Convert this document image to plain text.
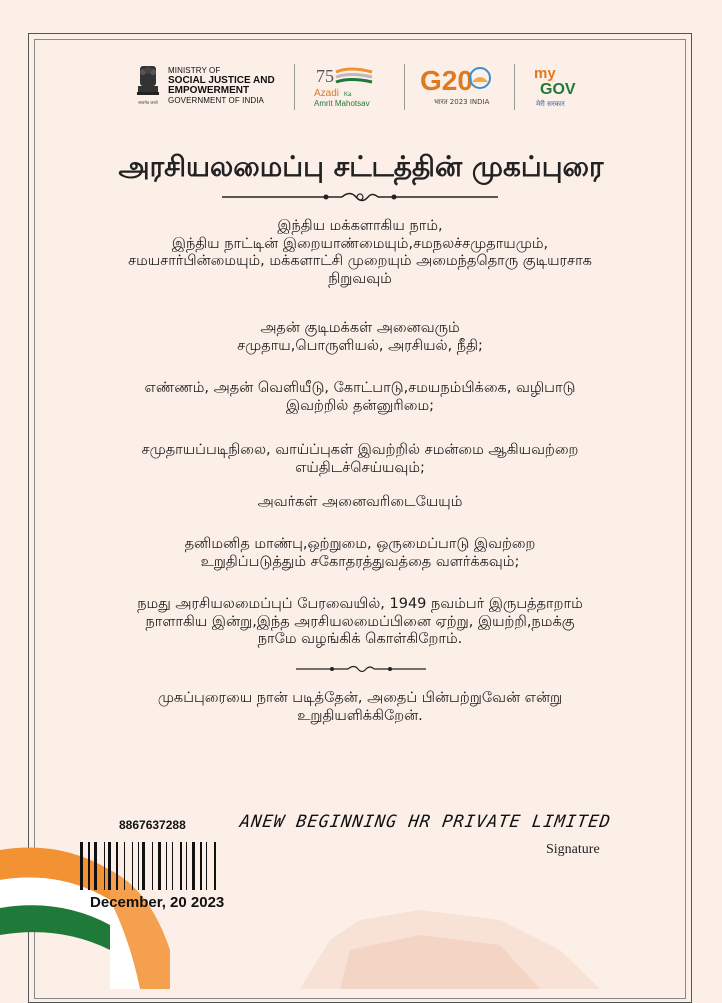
सत्यमेव जयते
MINISTRY OF
SOCIAL JUSTICE AND
EMPOWERMENT
GOVERNMENT OF INDIA
75
Azadi Ka
Amrit Mahotsav
G20
भारत 2023 INDIA
my
GOV
मेरी सरकार
அரசியலமைப்பு சட்டத்தின் முகப்புரை
இந்திய மக்களாகிய நாம்,
இந்திய நாட்டின் இறையாண்மையும்,சமநலச்சமுதாயமும்,
சமயசார்பின்மையும், மக்களாட்சி முறையும் அமைந்ததொரு குடியரசாக
நிறுவவும்
அதன் குடிமக்கள் அனைவரும்
சமுதாய,பொருளியல், அரசியல், நீதி;
எண்ணம், அதன் வெளியீடு, கோட்பாடு,சமயநம்பிக்கை, வழிபாடு
இவற்றில் தன்னுரிமை;
சமுதாயப்படிநிலை, வாய்ப்புகள் இவற்றில் சமன்மை ஆகியவற்றை
எய்திடச்செய்யவும்;
அவர்கள் அனைவரிடையேயும்
தனிமனித மாண்பு,ஒற்றுமை, ஒருமைப்பாடு இவற்றை
உறுதிப்படுத்தும் சகோதரத்துவத்தை வளர்க்கவும்;
நமது அரசியலமைப்புப் பேரவையில், 1949 நவம்பர் இருபத்தாறாம்
நாளாகிய இன்று,இந்த அரசியலமைப்பினை ஏற்று, இயற்றி,நமக்கு
நாமே வழங்கிக் கொள்கிறோம்.
முகப்புரையை நான் படித்தேன், அதைப் பின்பற்றுவேன் என்று
உறுதியளிக்கிறேன்.
8867637288	ANEW BEGINNING HR PRIVATE LIMITED
Signature
December, 20 2023
